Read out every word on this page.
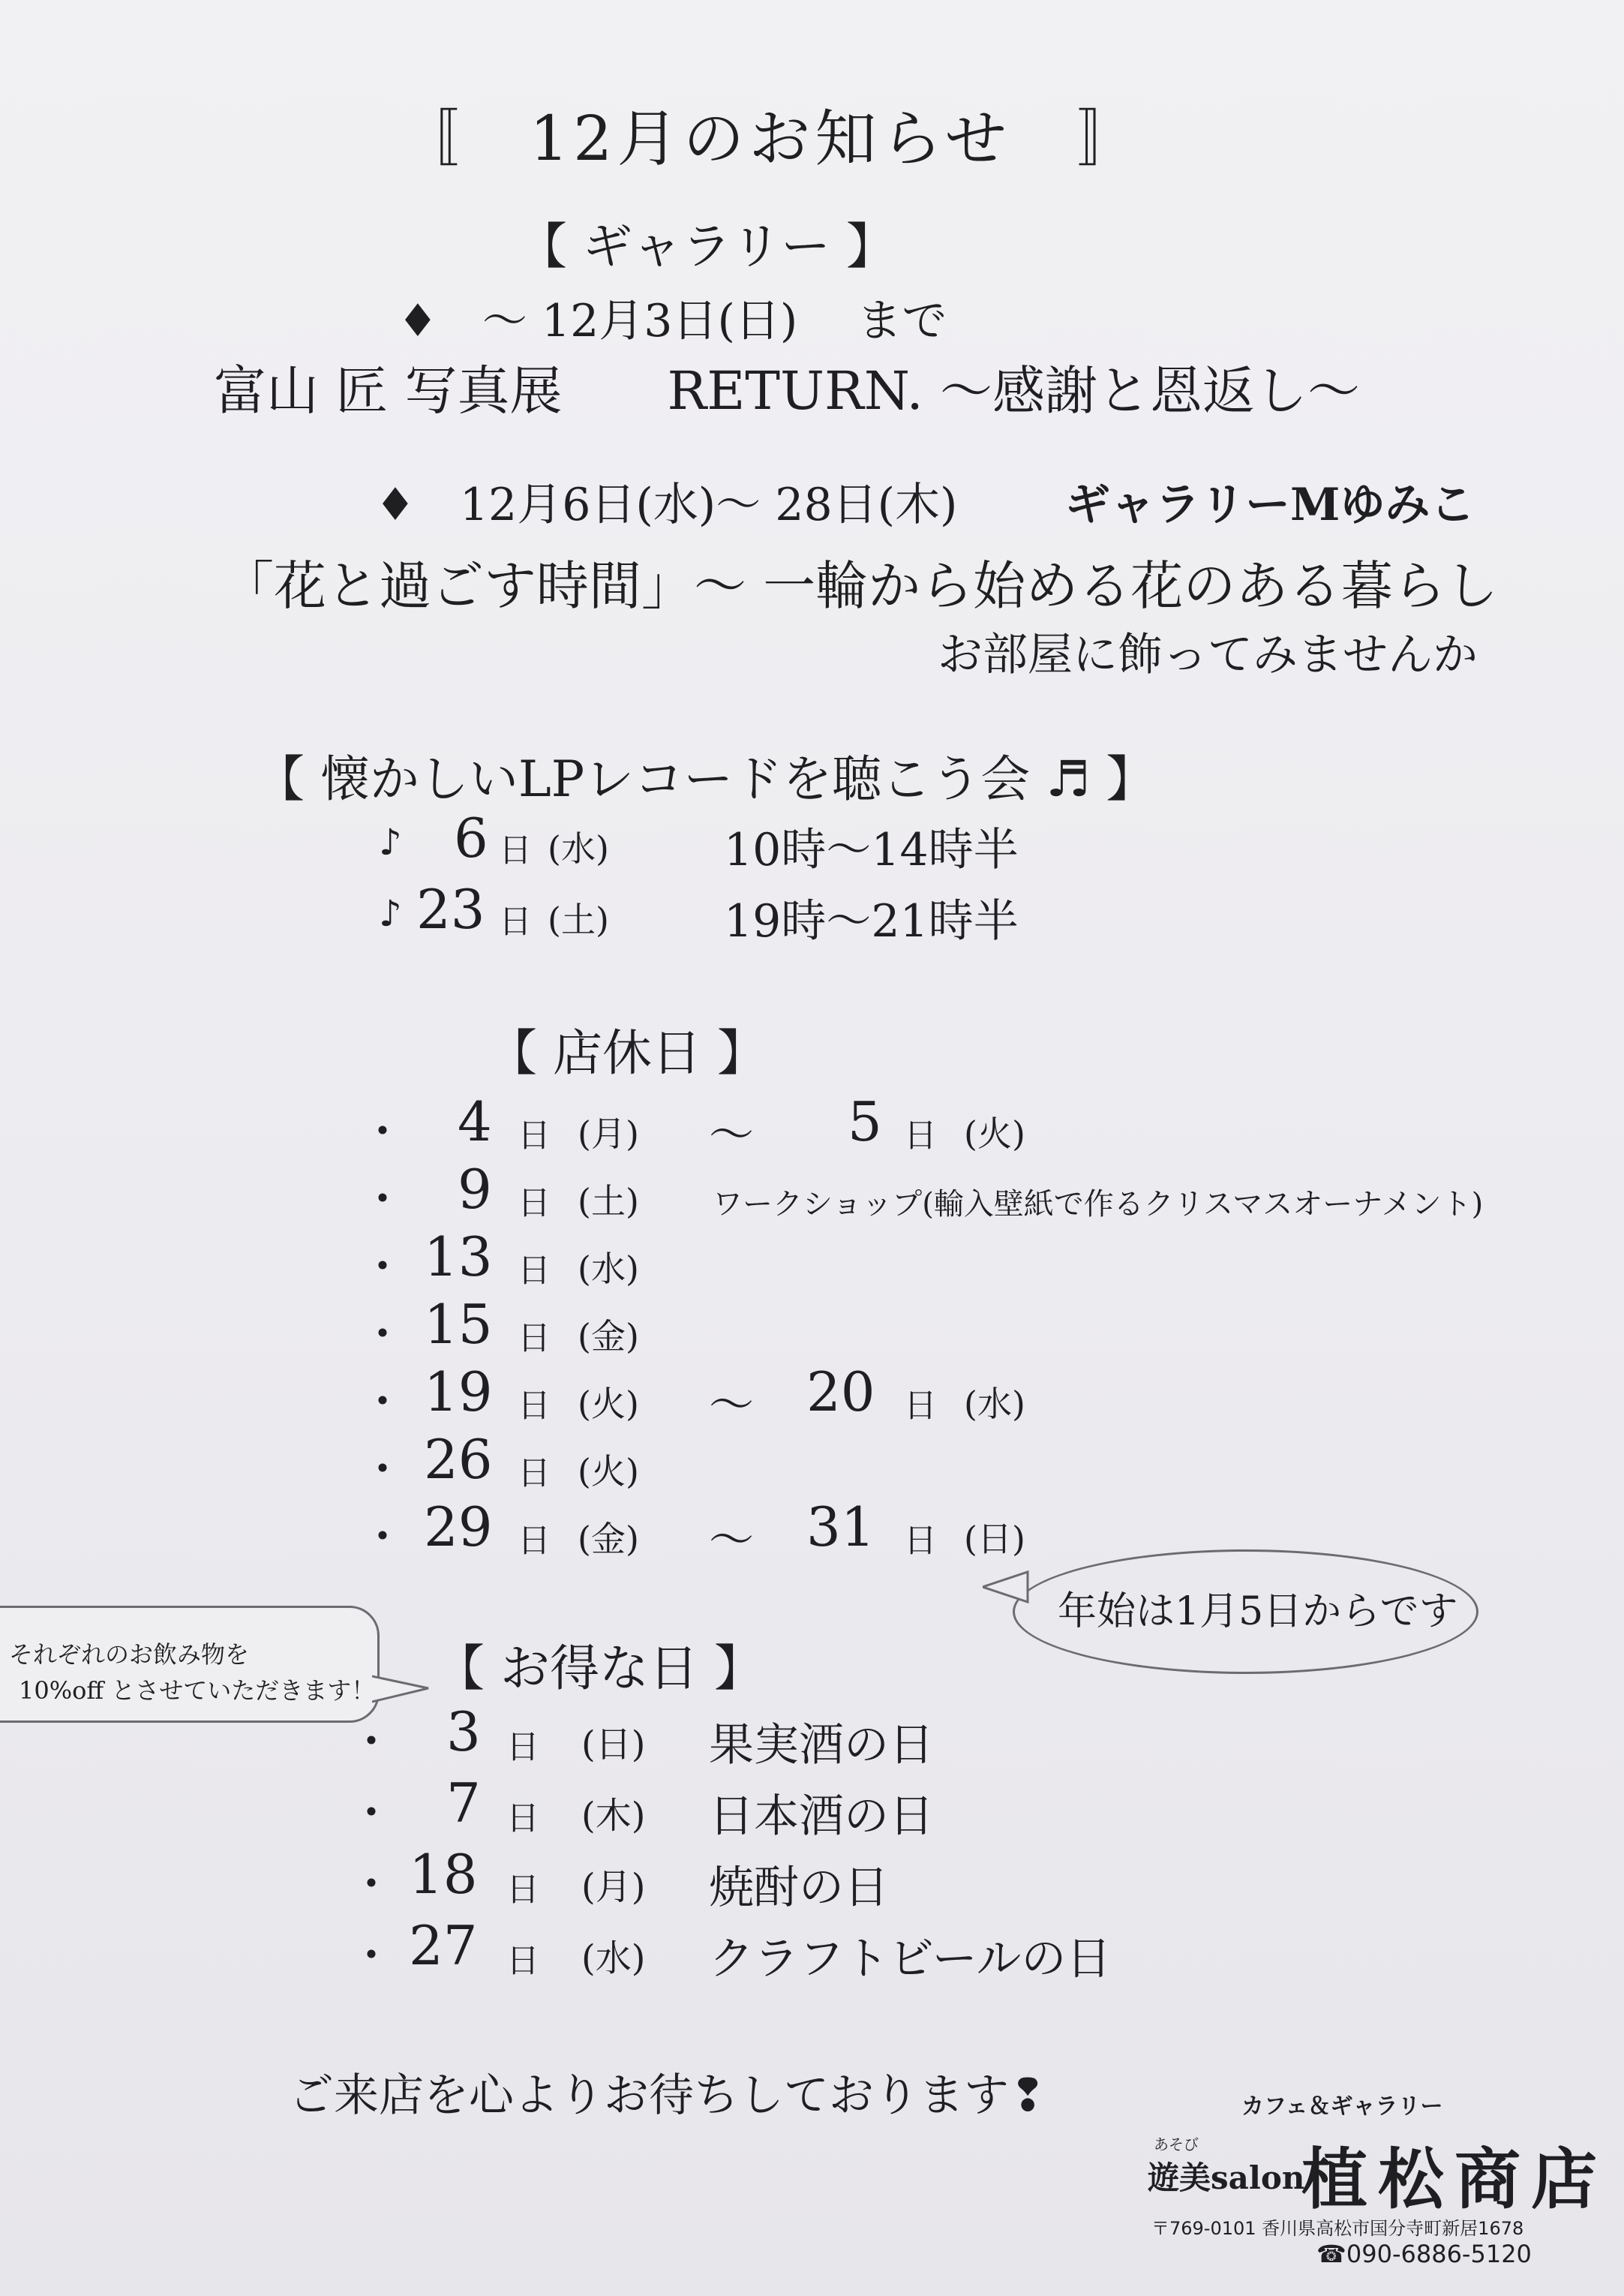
〚　12月のお知らせ　〛
【 ギャラリー 】
♦ ～ 12月3日(日)　 まで
富山 匠 写真展　　RETURN. ～感謝と恩返し～
♦ 12月6日(水)～ 28日(木) ギャラリーMゆみこ
「花と過ごす時間」～ 一輪から始める花のある暮らし
お部屋に飾ってみませんか
【 懐かしいLPレコードを聴こう会 ♬ 】
♪ 6 日 (水)	10時～14時半
♪ 23 日 (土)	19時～21時半
【 店休日 】
・ 4 日 (月) ～ 5 日 (火)
・ 9 日 (土) ワークショップ(輸入壁紙で作るクリスマスオーナメント)
・ 13 日 (水)
・ 15 日 (金)
・ 19 日 (火) ～ 20 日 (水)
・ 26 日 (火)
・ 29 日 (金) ～ 31 日 (日)
年始は1月5日からです
それぞれのお飲み物を
10%off とさせていただきます！ 【 お得な日 】
・ 3 日 (日) 果実酒の日
・ 7 日 (木) 日本酒の日
・ 18 日 (月) 焼酎の日
・ 27 日 (水) クラフトビールの日
ご来店を心よりお待ちしております❢	カフェ＆ギャラリー
あそび
遊美salon
植松商店
〒769-0101 香川県高松市国分寺町新居1678
☎090-6886-5120
